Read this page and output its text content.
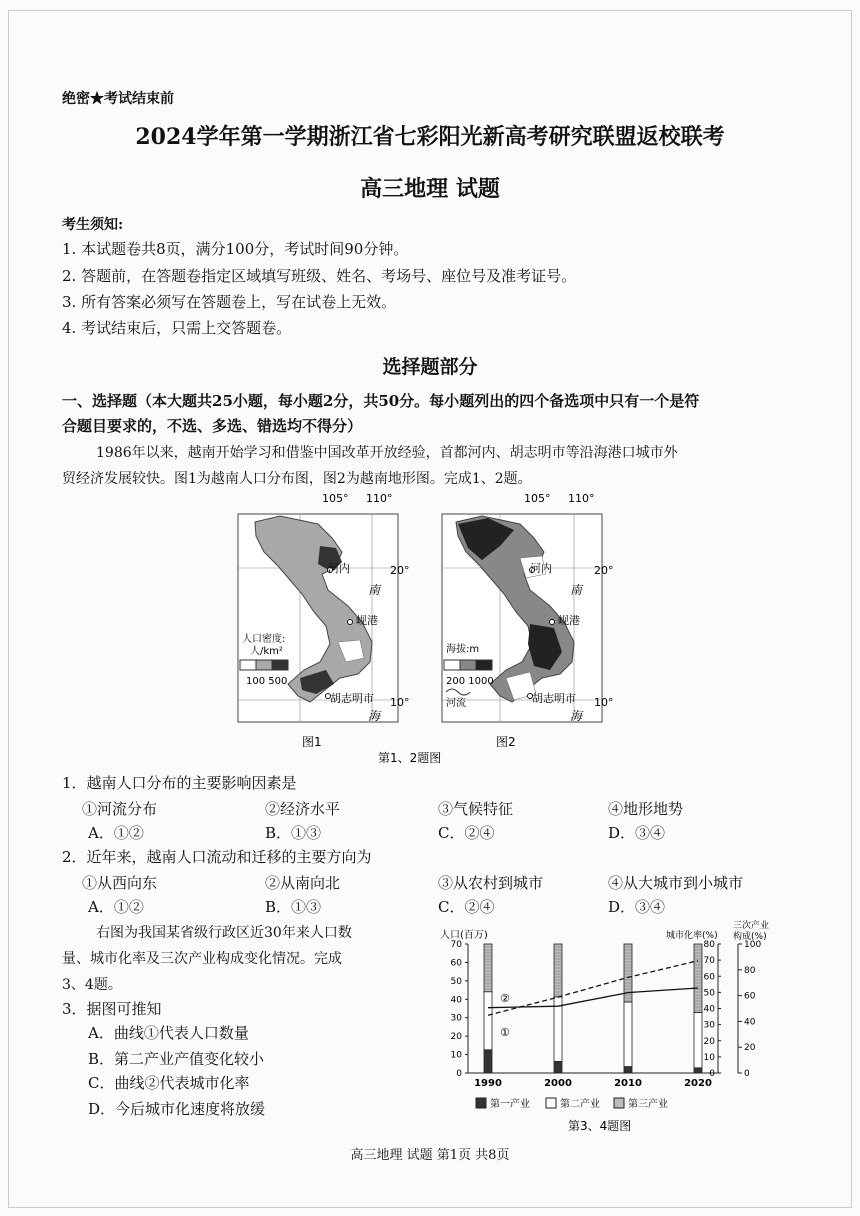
绝密★考试结束前
2024学年第一学期浙江省七彩阳光新高考研究联盟返校联考
高三地理 试题
考生须知:
1. 本试题卷共8页，满分100分，考试时间90分钟。
2. 答题前，在答题卷指定区域填写班级、姓名、考场号、座位号及准考证号。
3. 所有答案必须写在答题卷上，写在试卷上无效。
4. 考试结束后，只需上交答题卷。
选择题部分
一、选择题（本大题共25小题，每小题2分，共50分。每小题列出的四个备选项中只有一个是符
合题目要求的，不选、多选、错选均不得分）
1986年以来，越南开始学习和借鉴中国改革开放经验，首都河内、胡志明市等沿海港口城市外
贸经济发展较快。图1为越南人口分布图，图2为越南地形图。完成1、2题。
105° 110°
20°
10°
河内
岘港
胡志明市
南
海
人口密度:
人/km²
100 500
105° 110°
20°
10°
河内
岘港
胡志明市
南
海
海拔:m
200 1000
河流
图1	图2
第1、2题图
1．越南人口分布的主要影响因素是
①河流分布	②经济水平	③气候特征	④地形地势
A．①②	B．①③	C．②④	D．③④
2．近年来，越南人口流动和迁移的主要方向为
①从西向东	②从南向北	③从农村到城市	④从大城市到小城市
A．①②	B．①③	C．②④	D．③④
右图为我国某省级行政区近30年来人口数
量、城市化率及三次产业构成变化情况。完成
3、4题。
3．据图可推知
A．曲线①代表人口数量
B．第二产业产值变化较小
C．曲线②代表城市化率
D．今后城市化速度将放缓
人口(百万)	城市化率(%)
三次产业
构成(%)
0
10
20
30
40
50
60
70
0
10
20
30
40
50
60
70
80
0
20
40
60
80
100
②
①
1990	2000	2010	2020
第一产业	第二产业	第三产业
第3、4题图
高三地理 试题 第1页 共8页
